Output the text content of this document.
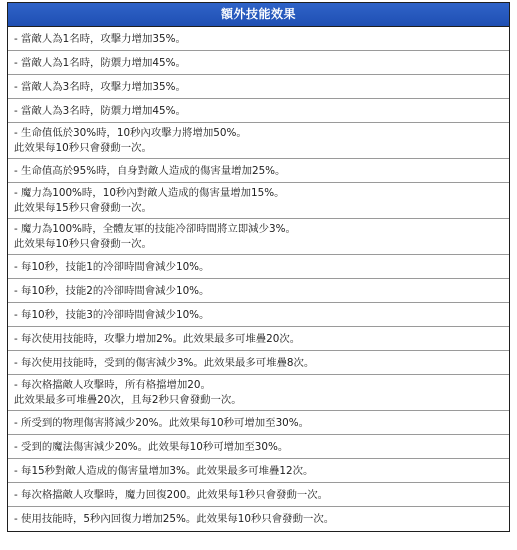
額外技能效果
- 當敵人為1名時，攻擊力增加35%。
- 當敵人為1名時，防禦力增加45%。
- 當敵人為3名時，攻擊力增加35%。
- 當敵人為3名時，防禦力增加45%。
- 生命值低於30%時，10秒內攻擊力將增加50%。
此效果每10秒只會發動一次。
- 生命值高於95%時，自身對敵人造成的傷害量增加25%。
- 魔力為100%時，10秒內對敵人造成的傷害量增加15%。
此效果每15秒只會發動一次。
- 魔力為100%時，全體友軍的技能冷卻時間將立即減少3%。
此效果每10秒只會發動一次。
- 每10秒，技能1的冷卻時間會減少10%。
- 每10秒，技能2的冷卻時間會減少10%。
- 每10秒，技能3的冷卻時間會減少10%。
- 每次使用技能時，攻擊力增加2%。此效果最多可堆疊20次。
- 每次使用技能時，受到的傷害減少3%。此效果最多可堆疊8次。
- 每次格擋敵人攻擊時，所有格擋增加20。
此效果最多可堆疊20次，且每2秒只會發動一次。
- 所受到的物理傷害將減少20%。此效果每10秒可增加至30%。
- 受到的魔法傷害減少20%。此效果每10秒可增加至30%。
- 每15秒對敵人造成的傷害量增加3%。此效果最多可堆疊12次。
- 每次格擋敵人攻擊時，魔力回復200。此效果每1秒只會發動一次。
- 使用技能時，5秒內回復力增加25%。此效果每10秒只會發動一次。
